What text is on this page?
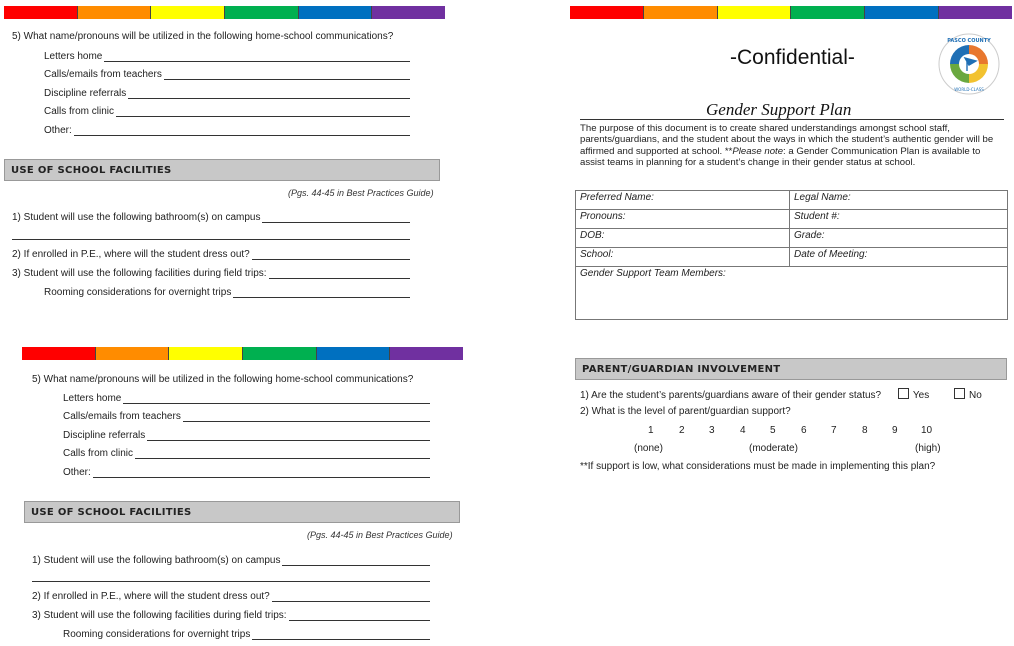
5) What name/pronouns will be utilized in the following home-school communications?
Letters home
Calls/emails from teachers
Discipline referrals
Calls from clinic
Other:
USE OF SCHOOL FACILITIES
(Pgs. 44-45 in Best Practices Guide)
1) Student will use the following bathroom(s) on campus
2) If enrolled in P.E., where will the student dress out?
3) Student will use the following facilities during field trips:
Rooming considerations for overnight trips
5) What name/pronouns will be utilized in the following home-school communications?
Letters home
Calls/emails from teachers
Discipline referrals
Calls from clinic
Other:
USE OF SCHOOL FACILITIES
(Pgs. 44-45 in Best Practices Guide)
1) Student will use the following bathroom(s) on campus
2) If enrolled in P.E., where will the student dress out?
3) Student will use the following facilities during field trips:
Rooming considerations for overnight trips
-Confidential-
PASCO COUNTY
WORLD-CLASS
Gender Support Plan
The purpose of this document is to create shared understandings amongst school staff, parents/guardians, and the student about the ways in which the student’s authentic gender will be affirmed and supported at school. **Please note: a Gender Communication Plan is available to assist teams in planning for a student’s change in their gender status at school.
Preferred Name:	Legal Name:
Pronouns:	Student #:
DOB:	Grade:
School:	Date of Meeting:
Gender Support Team Members:	
PARENT/GUARDIAN INVOLVEMENT
1) Are the student’s parents/guardians aware of their gender status?	Yes	No
2) What is the level of parent/guardian support?
1	2 3	4 5	6 7	8 9 10
(none)	(moderate)	(high)
**If support is low, what considerations must be made in implementing this plan?
